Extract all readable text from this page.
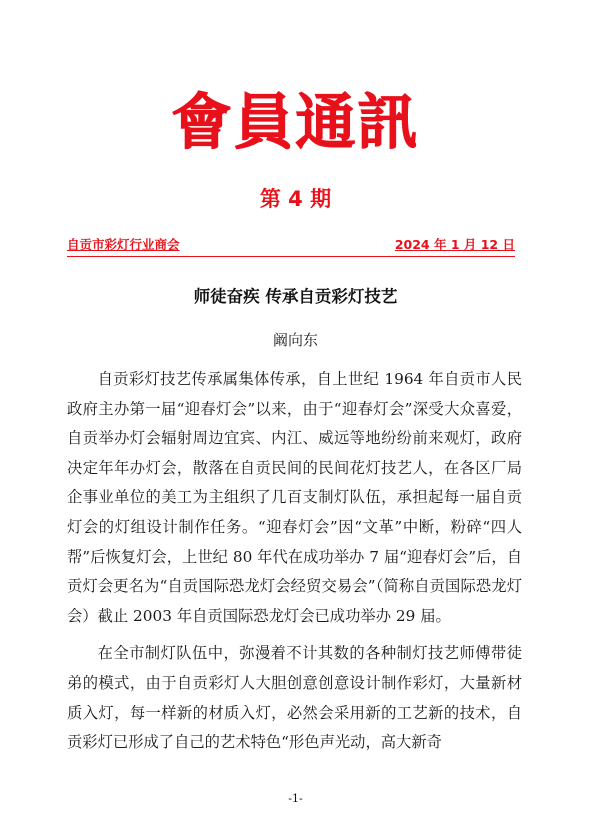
會員通訊
第 4 期
自贡市彩灯行业商会	2024 年 1 月 12 日
师徒奋疾 传承自贡彩灯技艺
阚向东

自贡彩灯技艺传承属集体传承，自上世纪 1964 年自贡市人民政府主办第一届“迎春灯会”以来，由于“迎春灯会”深受大众喜爱，自贡举办灯会辐射周边宜宾、内江、威远等地纷纷前来观灯，政府决定年年办灯会，散落在自贡民间的民间花灯技艺人，在各区厂局企事业单位的美工为主组织了几百支制灯队伍，承担起每一届自贡灯会的灯组设计制作任务。“迎春灯会”因“文革”中断，粉碎“四人帮”后恢复灯会，上世纪 80 年代在成功举办 7 届“迎春灯会”后，自贡灯会更名为“自贡国际恐龙灯会经贸交易会”（简称自贡国际恐龙灯会）截止 2003 年自贡国际恐龙灯会已成功举办 29 届。

在全市制灯队伍中，弥漫着不计其数的各种制灯技艺师傅带徒弟的模式，由于自贡彩灯人大胆创意创意设计制作彩灯，大量新材质入灯，每一样新的材质入灯，必然会采用新的工艺新的技术，自贡彩灯已形成了自己的艺术特色“形色声光动，高大新奇

-1-
